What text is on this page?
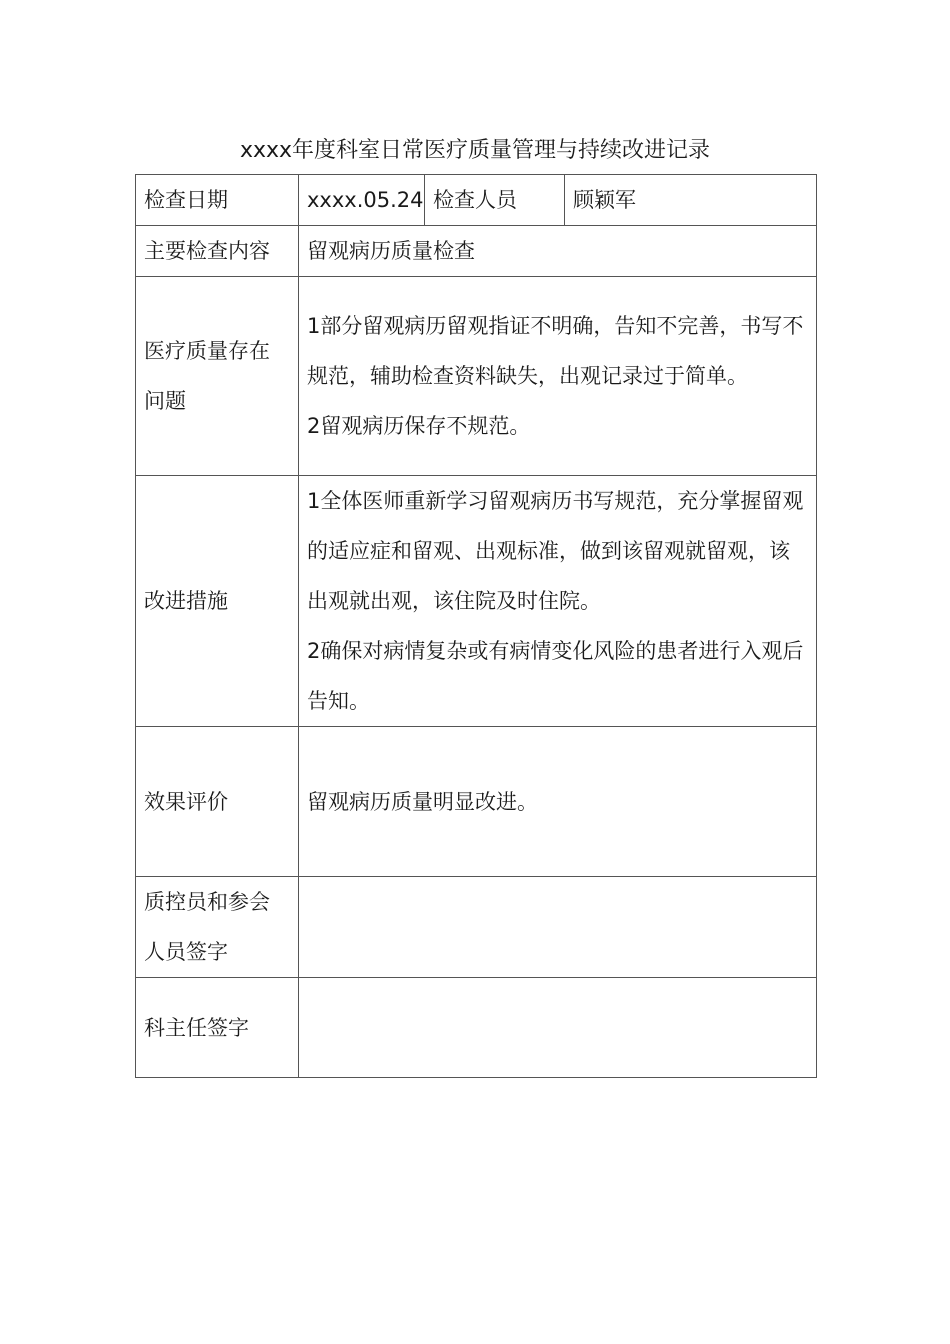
xxxx年度科室日常医疗质量管理与持续改进记录
检查日期	xxxx.05.24	检查人员	顾颖军
主要检查内容	留观病历质量检查		
医疗质量存在问题	1部分留观病历留观指证不明确，告知不完善，书写不规范，辅助检查资料缺失，出观记录过于简单。
2留观病历保存不规范。		

改进措施	1全体医师重新学习留观病历书写规范，充分掌握留观的适应症和留观、出观标准，做到该留观就留观，该出观就出观，该住院及时住院。
2确保对病情复杂或有病情变化风险的患者进行入观后告知。		

效果评价	留观病历质量明显改进。		
质控员和参会人员签字			
科主任签字			
